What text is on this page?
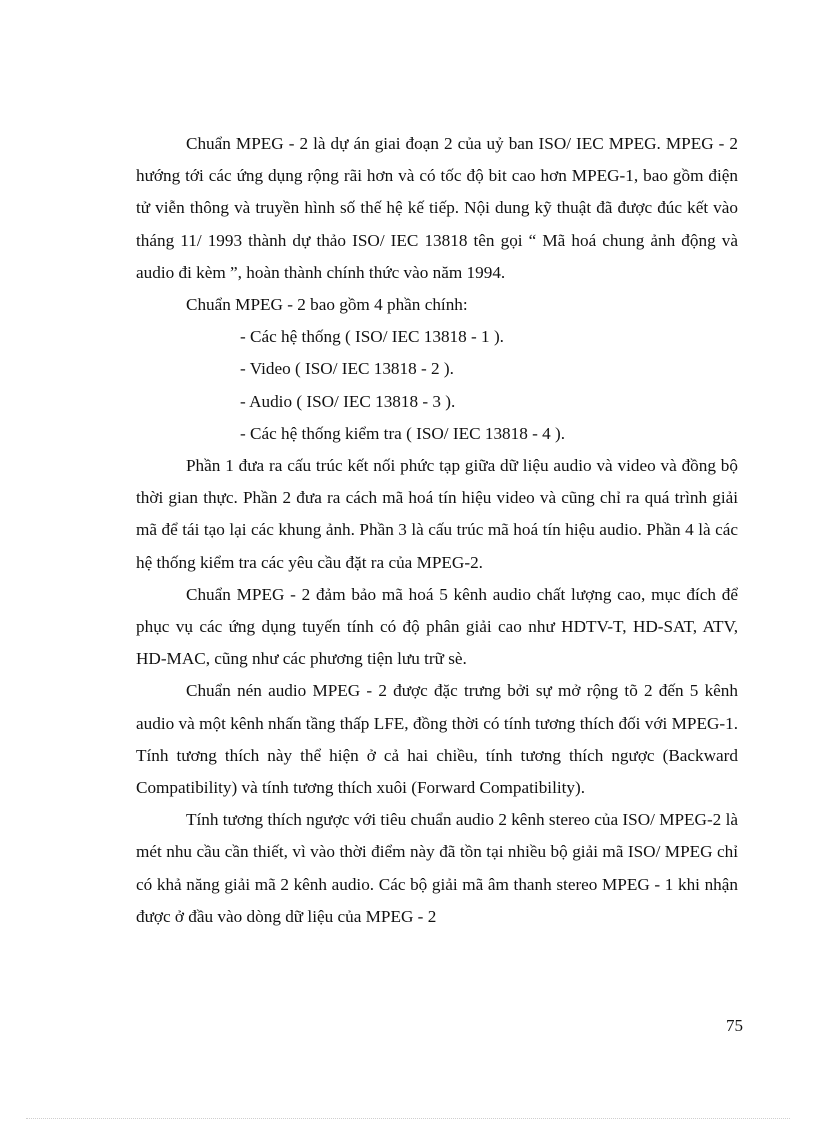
Chuẩn MPEG - 2 là dự án giai đoạn 2 của uỷ ban ISO/ IEC MPEG. MPEG - 2 hướng tới các ứng dụng rộng rãi hơn và có tốc độ bit cao hơn MPEG-1, bao gồm điện tử viễn thông và truyền hình số thế hệ kế tiếp. Nội dung kỹ thuật đã được đúc kết vào tháng 11/ 1993 thành dự thảo ISO/ IEC 13818 tên gọi “ Mã hoá chung ảnh động và audio đi kèm ”, hoàn thành chính thức vào năm 1994.

Chuẩn MPEG - 2 bao gồm 4 phần chính:

- Các hệ thống ( ISO/ IEC 13818 - 1 ).
- Video ( ISO/ IEC 13818 - 2 ).
- Audio ( ISO/ IEC 13818 - 3 ).
- Các hệ thống kiểm tra ( ISO/ IEC 13818 - 4 ).

Phần 1 đưa ra cấu trúc kết nối phức tạp giữa dữ liệu audio và video và đồng bộ thời gian thực. Phần 2 đưa ra cách mã hoá tín hiệu video và cũng chỉ ra quá trình giải mã để tái tạo lại các khung ảnh. Phần 3 là cấu trúc mã hoá tín hiệu audio. Phần 4 là các hệ thống kiểm tra các yêu cầu đặt ra của MPEG-2.

Chuẩn MPEG - 2 đảm bảo mã hoá 5 kênh audio chất lượng cao, mục đích để phục vụ các ứng dụng tuyến tính có độ phân giải cao như HDTV-T, HD-SAT, ATV, HD-MAC, cũng như các phương tiện lưu trữ sè.

Chuẩn nén audio MPEG - 2 được đặc trưng bởi sự mở rộng tõ 2 đến 5 kênh audio và một kênh nhấn tầng thấp LFE, đồng thời có tính tương thích đối với MPEG-1. Tính tương thích này thể hiện ở cả hai chiều, tính tương thích ngược (Backward Compatibility) và tính tương thích xuôi (Forward Compatibility).

Tính tương thích ngược với tiêu chuẩn audio 2 kênh stereo của ISO/ MPEG-2 là mét nhu cầu cần thiết, vì vào thời điểm này đã tồn tại nhiều bộ giải mã ISO/ MPEG chỉ có khả năng giải mã 2 kênh audio. Các bộ giải mã âm thanh stereo MPEG - 1 khi nhận được ở đầu vào dòng dữ liệu của MPEG - 2

75
